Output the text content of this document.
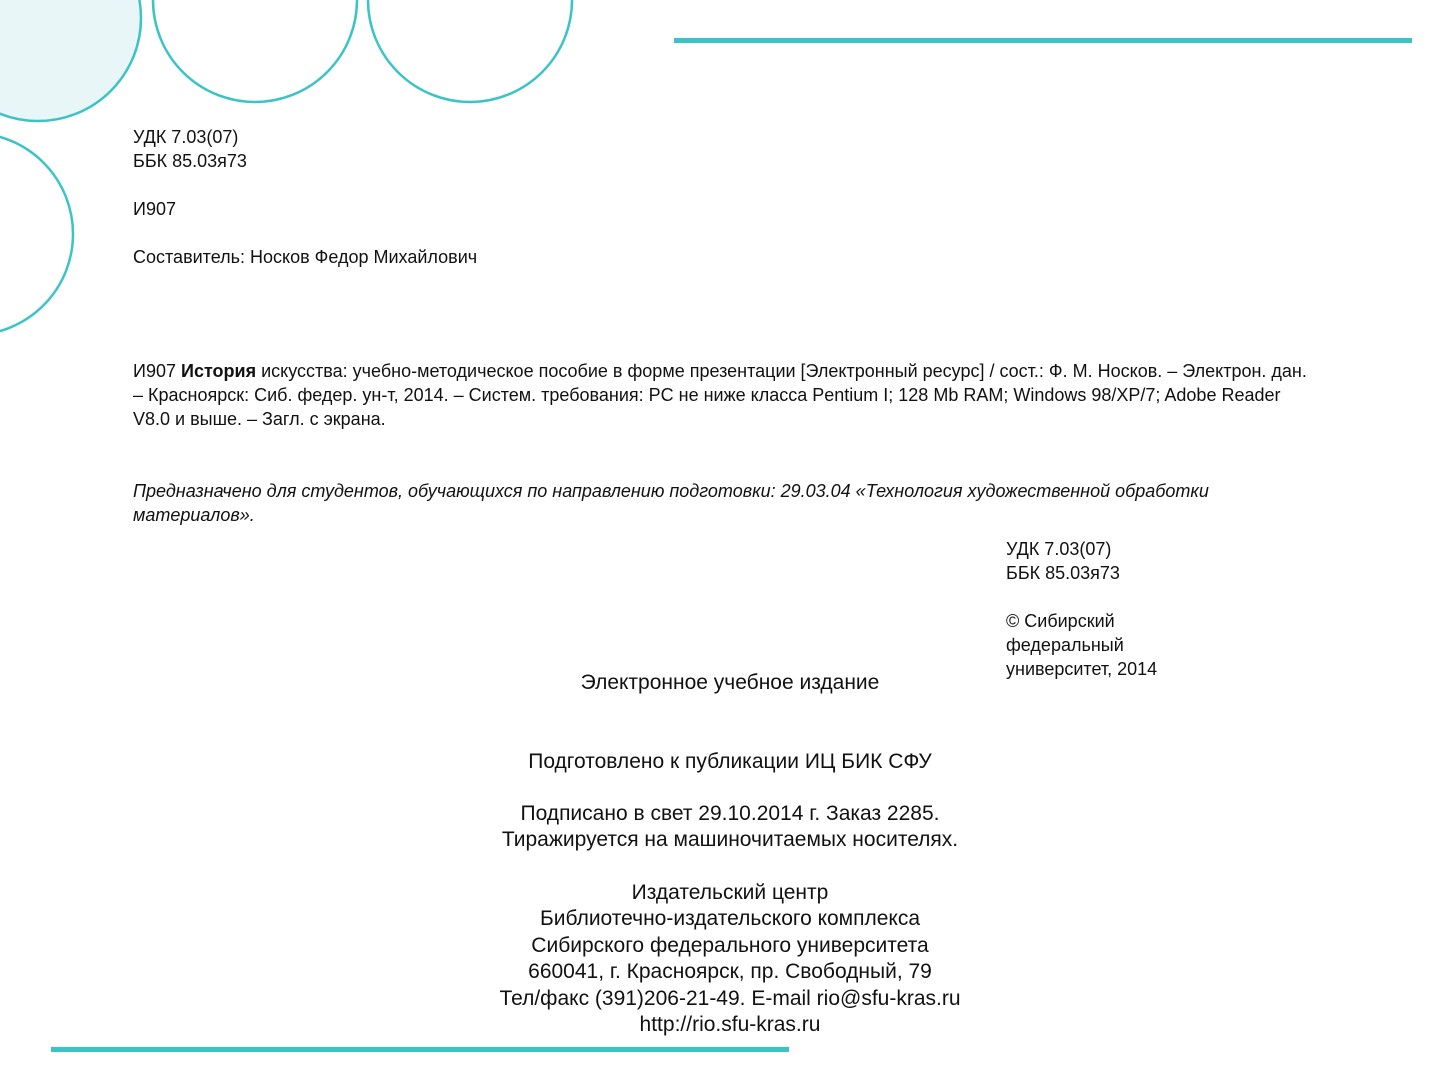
УДК 7.03(07)
ББК 85.03я73
И907
Составитель: Носков Федор Михайлович

И907 История искусства: учебно-методическое пособие в форме презентации [Электронный ресурс] / сост.: Ф. М. Носков. – Электрон. дан. – Красноярск: Сиб. федер. ун-т, 2014. – Систем. требования: PC не ниже класса Pentium I; 128 Mb RAM; Windows 98/XP/7; Adobe Reader V8.0 и выше. – Загл. с экрана.

Предназначено для студентов, обучающихся по направлению подготовки: 29.03.04 «Технология художественной обработки материалов».

УДК 7.03(07)
ББК 85.03я73
© Сибирский
федеральный
университет, 2014
Электронное учебное издание
Подготовлено к публикации ИЦ БИК СФУ
Подписано в свет 29.10.2014 г. Заказ 2285.
Тиражируется на машиночитаемых носителях.
Издательский центр
Библиотечно-издательского комплекса
Сибирского федерального университета
660041, г. Красноярск, пр. Свободный, 79
Тел/факс (391)206-21-49. E-mail rio@sfu-kras.ru
http://rio.sfu-kras.ru
